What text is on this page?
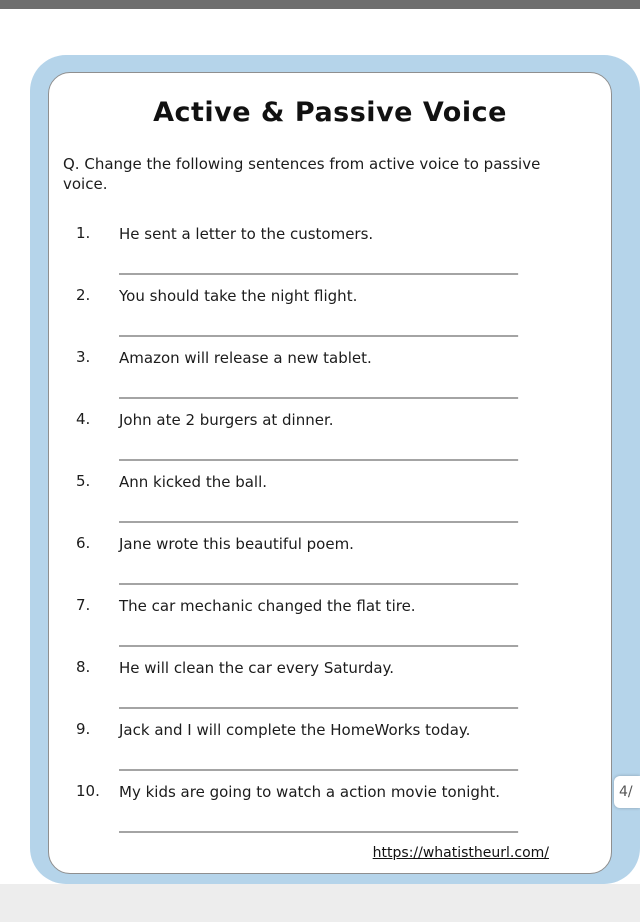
Active & Passive Voice
Q. Change the following sentences from active voice to passive voice.
1.	He sent a letter to the customers.
_________________________________________________________
2.	You should take the night flight.
_________________________________________________________
3.	Amazon will release a new tablet.
_________________________________________________________
4.	John ate 2 burgers at dinner.
_________________________________________________________
5.	Ann kicked the ball.
_________________________________________________________
6.	Jane wrote this beautiful poem.
_________________________________________________________
7.	The car mechanic changed the flat tire.
_________________________________________________________
8.	He will clean the car every Saturday.
_________________________________________________________
9.	Jack and I will complete the HomeWorks today.
_________________________________________________________
10.	My kids are going to watch a action movie tonight.
_________________________________________________________
https://whatistheurl.com/
4/
